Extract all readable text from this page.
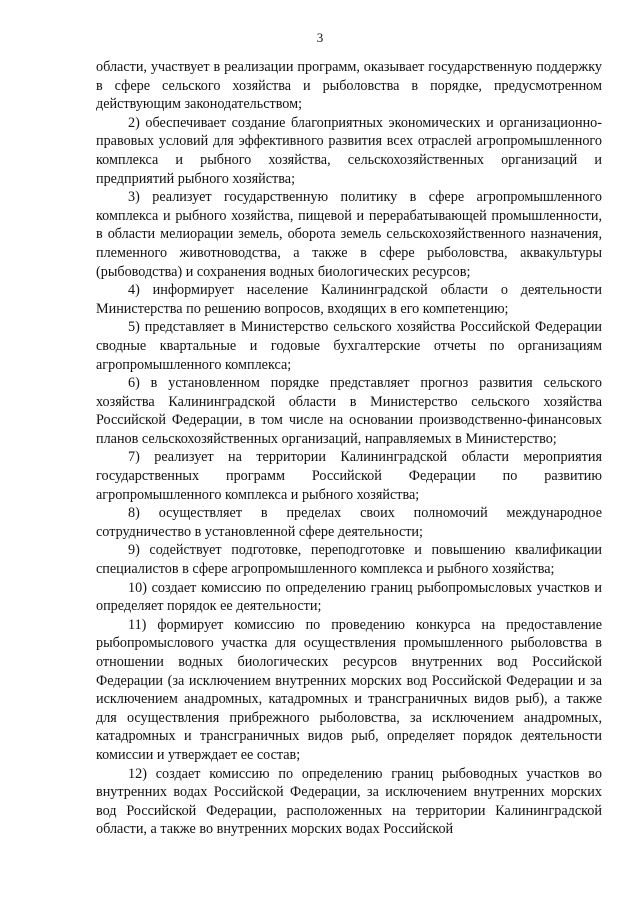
3

области, участвует в реализации программ, оказывает государственную поддержку в сфере сельского хозяйства и рыболовства в порядке, предусмотренном действующим законодательством;

2) обеспечивает создание благоприятных экономических и организационно-правовых условий для эффективного развития всех отраслей агропромышленного комплекса и рыбного хозяйства, сельскохозяйственных организаций и предприятий рыбного хозяйства;

3) реализует государственную политику в сфере агропромышленного комплекса и рыбного хозяйства, пищевой и перерабатывающей промышленности, в области мелиорации земель, оборота земель сельскохозяйственного назначения, племенного животноводства, а также в сфере рыболовства, аквакультуры (рыбоводства) и сохранения водных биологических ресурсов;

4) информирует население Калининградской области о деятельности Министерства по решению вопросов, входящих в его компетенцию;

5) представляет в Министерство сельского хозяйства Российской Федерации сводные квартальные и годовые бухгалтерские отчеты по организациям агропромышленного комплекса;

6) в установленном порядке представляет прогноз развития сельского хозяйства Калининградской области в Министерство сельского хозяйства Российской Федерации, в том числе на основании производственно-финансовых планов сельскохозяйственных организаций, направляемых в Министерство;

7) реализует на территории Калининградской области мероприятия государственных программ Российской Федерации по развитию агропромышленного комплекса и рыбного хозяйства;

8) осуществляет в пределах своих полномочий международное сотрудничество в установленной сфере деятельности;

9) содействует подготовке, переподготовке и повышению квалификации специалистов в сфере агропромышленного комплекса и рыбного хозяйства;

10) создает комиссию по определению границ рыбопромысловых участков и определяет порядок ее деятельности;

11) формирует комиссию по проведению конкурса на предоставление рыбопромыслового участка для осуществления промышленного рыболовства в отношении водных биологических ресурсов внутренних вод Российской Федерации (за исключением внутренних морских вод Российской Федерации и за исключением анадромных, катадромных и трансграничных видов рыб), а также для осуществления прибрежного рыболовства, за исключением анадромных, катадромных и трансграничных видов рыб, определяет порядок деятельности комиссии и утверждает ее состав;

12) создает комиссию по определению границ рыбоводных участков во внутренних водах Российской Федерации, за исключением внутренних морских вод Российской Федерации, расположенных на территории Калининградской области, а также во внутренних морских водах Российской
